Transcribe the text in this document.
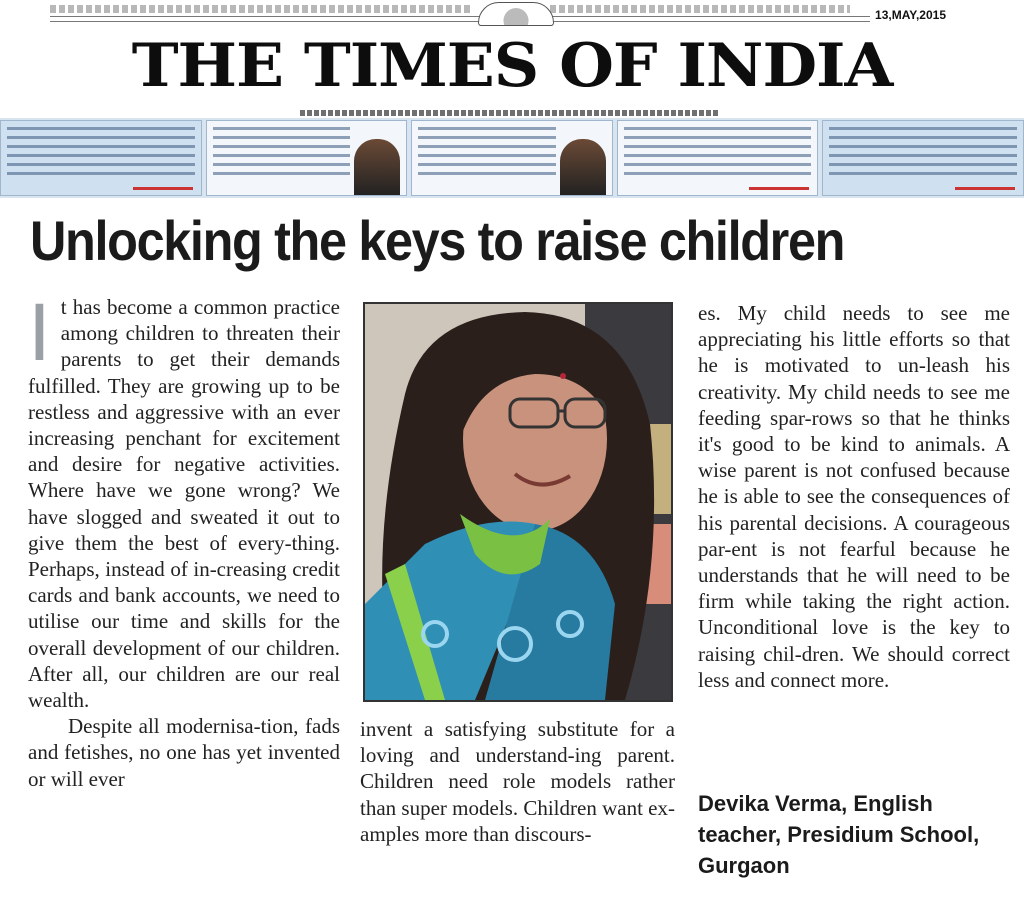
13,MAY,2015
THE TIMES OF INDIA
Unlocking the keys to raise children

It has become a common practice among children to threaten their parents to get their demands fulfilled. They are growing up to be restless and aggressive with an ever increasing penchant for excitement and desire for negative activities. Where have we gone wrong? We have slogged and sweated it out to give them the best of every-thing. Perhaps, instead of in-creasing credit cards and bank accounts, we need to utilise our time and skills for the overall development of our children. After all, our children are our real wealth.

Despite all modernisa-tion, fads and fetishes, no one has yet invented or will ever

invent a satisfying substitute for a loving and understand-ing parent. Children need role models rather than super models. Children want ex-amples more than discours-

es. My child needs to see me appreciating his little efforts so that he is motivated to un-leash his creativity. My child needs to see me feeding spar-rows so that he thinks it's good to be kind to animals. A wise parent is not confused because he is able to see the consequences of his parental decisions. A courageous par-ent is not fearful because he understands that he will need to be firm while taking the right action. Unconditional love is the key to raising chil-dren. We should correct less and connect more.

Devika Verma, English
teacher, Presidium School,
Gurgaon
